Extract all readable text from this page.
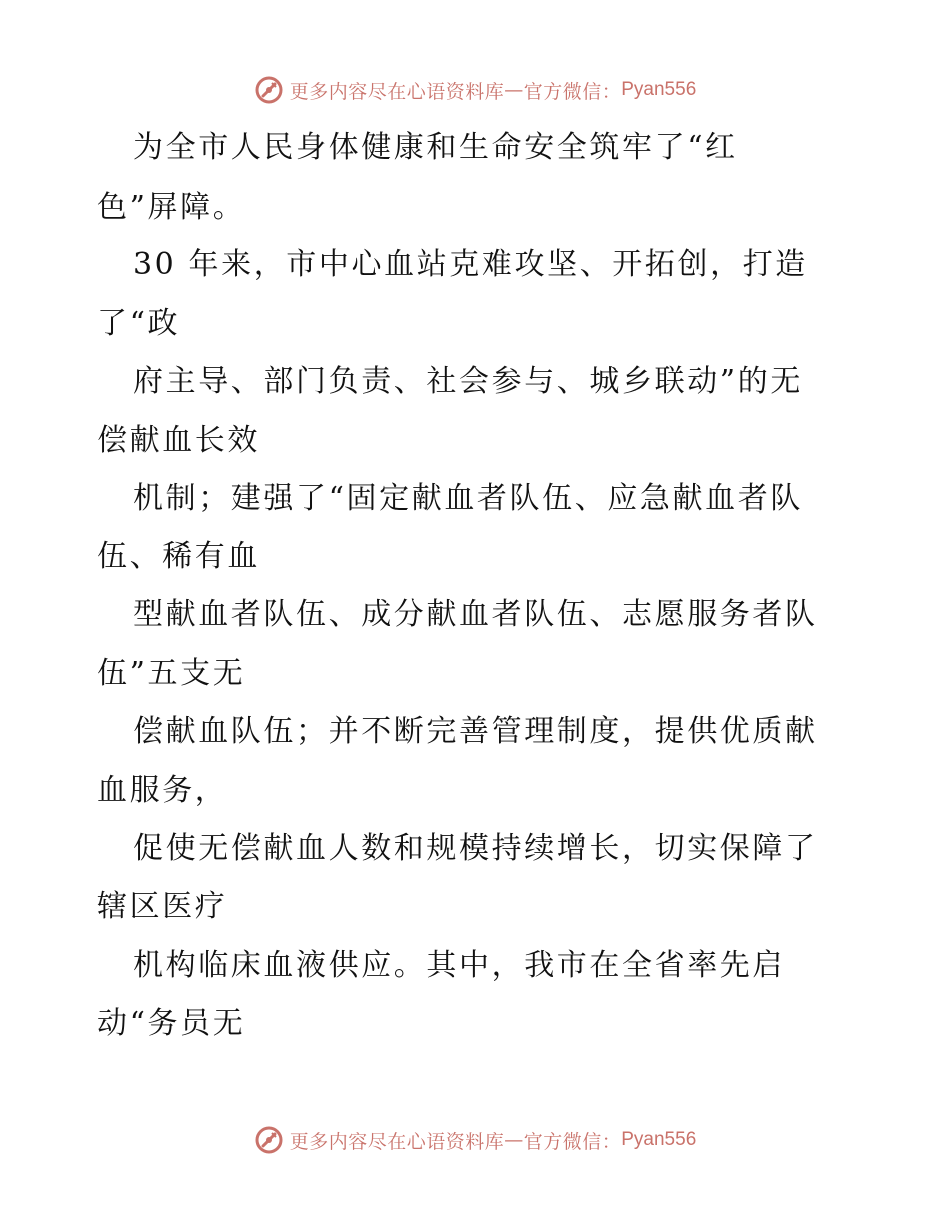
更多内容尽在心语资料库 — 官方微信： Pyan556
为全市人民身体健康和生命安全筑牢了“红
色”屏障。
30 年来，市中心血站克难攻坚、开拓创，打造
了“政
府主导、部门负责、社会参与、城乡联动”的无
偿献血长效
机制；建强了“固定献血者队伍、应急献血者队
伍、稀有血
型献血者队伍、成分献血者队伍、志愿服务者队
伍”五支无
偿献血队伍；并不断完善管理制度，提供优质献
血服务，
促使无偿献血人数和规模持续增长，切实保障了
辖区医疗
机构临床血液供应。其中，我市在全省率先启
动“务员无
更多内容尽在心语资料库 — 官方微信： Pyan556
